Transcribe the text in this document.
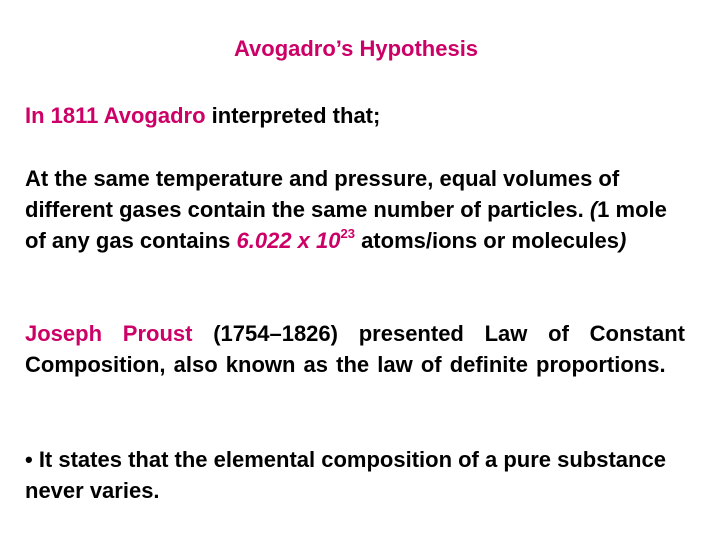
Avogadro’s Hypothesis
In 1811 Avogadro interpreted that;
At the same temperature and pressure, equal volumes of different gases contain the same number of particles. (1 mole of any gas contains 6.022 x $10^{23}$ atoms/ions or molecules)
Joseph Proust (1754–1826) presented Law of Constant Composition, also known as the law of definite proportions.
• It states that the elemental composition of a pure substance never varies.
